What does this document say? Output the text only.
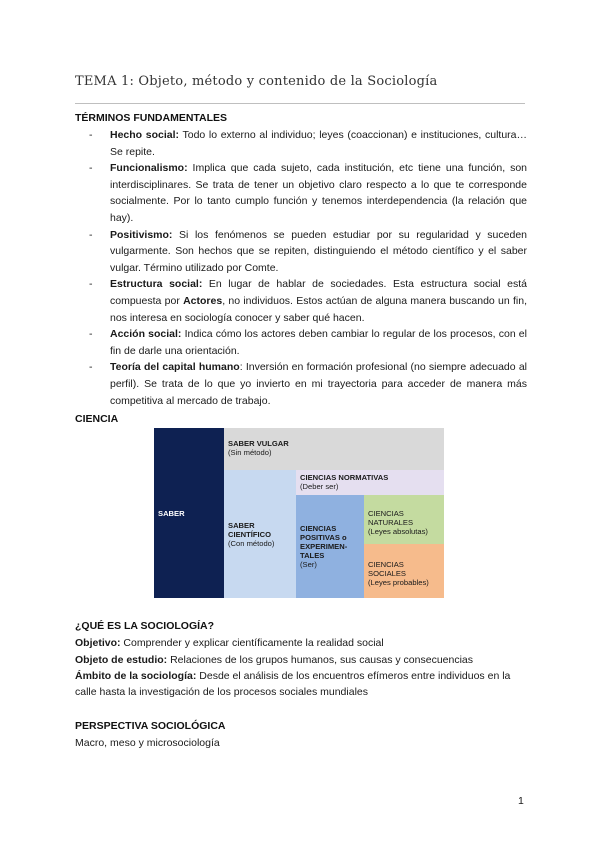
TEMA 1: Objeto, método y contenido de la Sociología
TÉRMINOS FUNDAMENTALES
- Hecho social: Todo lo externo al individuo; leyes (coaccionan) e instituciones, cultura… Se repite.
- Funcionalismo: Implica que cada sujeto, cada institución, etc tiene una función, son interdisciplinares. Se trata de tener un objetivo claro respecto a lo que te corresponde socialmente. Por lo tanto cumplo función y tenemos interdependencia (la relación que hay).
- Positivismo: Si los fenómenos se pueden estudiar por su regularidad y suceden vulgarmente. Son hechos que se repiten, distinguiendo el método científico y el saber vulgar. Término utilizado por Comte.
- Estructura social: En lugar de hablar de sociedades. Esta estructura social está compuesta por Actores, no individuos. Estos actúan de alguna manera buscando un fin, nos interesa en sociología conocer y saber qué hacen.
- Acción social: Indica cómo los actores deben cambiar lo regular de los procesos, con el fin de darle una orientación.
- Teoría del capital humano: Inversión en formación profesional (no siempre adecuado al perfil). Se trata de lo que yo invierto en mi trayectoria para acceder de manera más competitiva al mercado de trabajo.
CIENCIA
SABER
SABER VULGAR
(Sin método)
SABER CIENTÍFICO
(Con método)
CIENCIAS NORMATIVAS
(Deber ser)
CIENCIAS POSITIVAS o EXPERIMEN-TALES
(Ser)
CIENCIAS NATURALES
(Leyes absolutas)
CIENCIAS SOCIALES
(Leyes probables)
¿QUÉ ES LA SOCIOLOGÍA?
Objetivo: Comprender y explicar científicamente la realidad social
Objeto de estudio: Relaciones de los grupos humanos, sus causas y consecuencias
Ámbito de la sociología: Desde el análisis de los encuentros efímeros entre individuos en la calle hasta la investigación de los procesos sociales mundiales
PERSPECTIVA SOCIOLÓGICA
Macro, meso y microsociología
1
